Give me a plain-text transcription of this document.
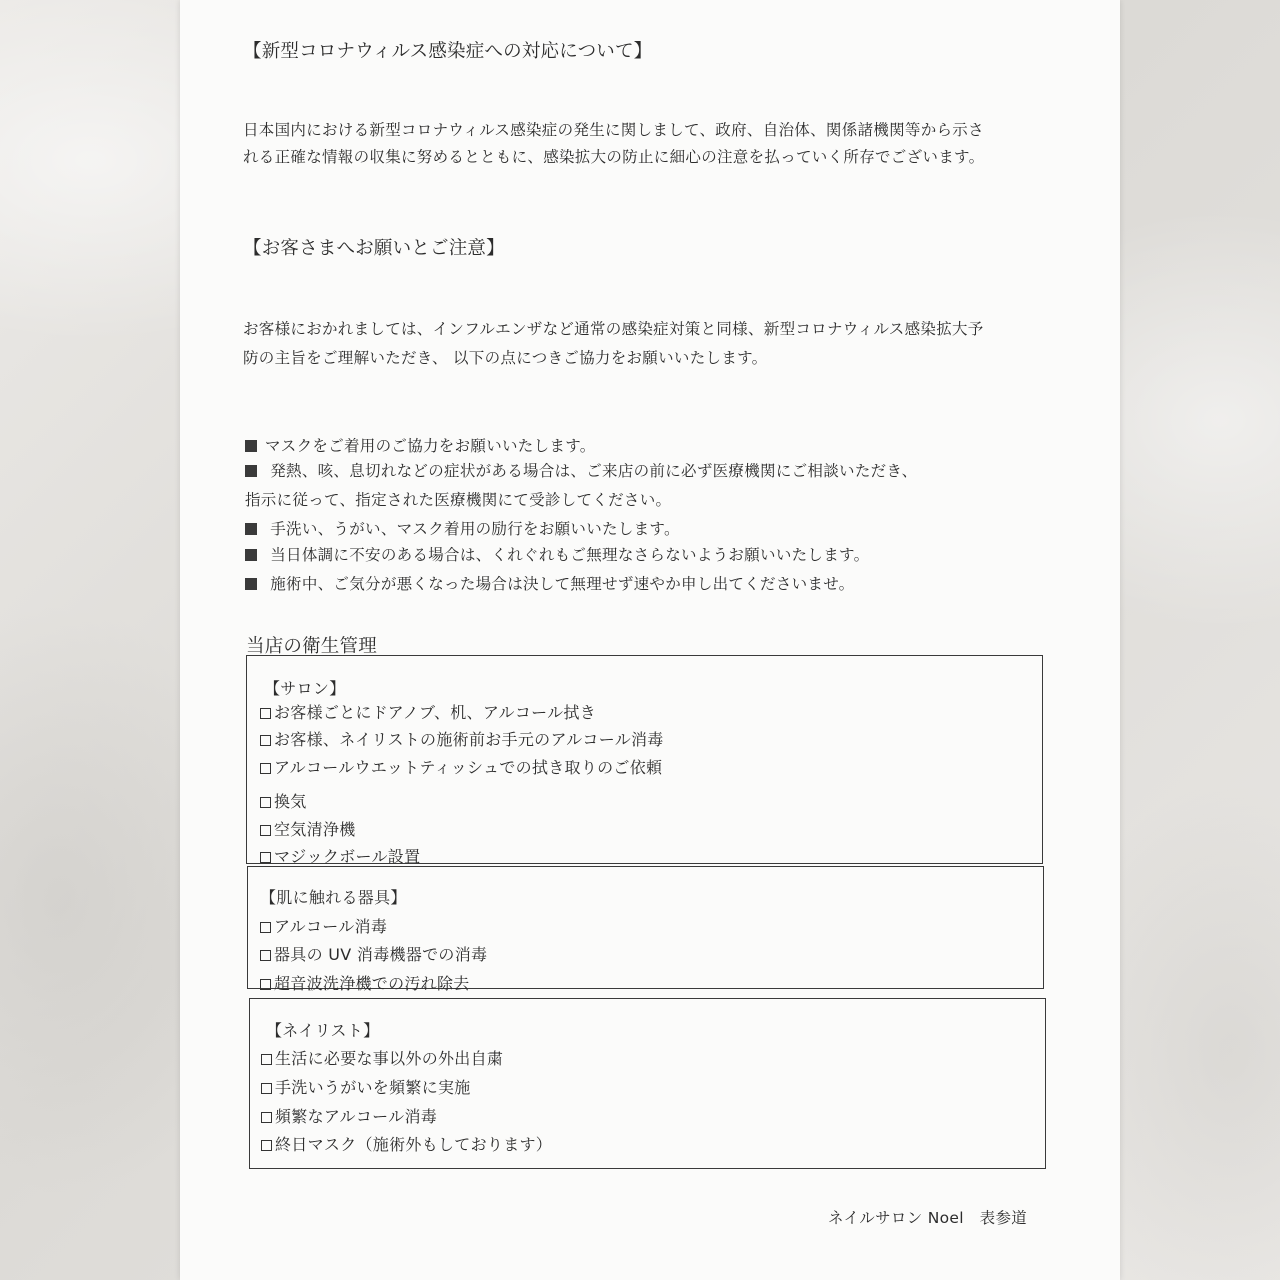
【新型コロナウィルス感染症への対応について】

日本国内における新型コロナウィルス感染症の発生に関しまして、政府、自治体、関係諸機関等から示さ

れる正確な情報の収集に努めるとともに、感染拡大の防止に細心の注意を払っていく所存でございます。

【お客さまへお願いとご注意】

お客様におかれましては、インフルエンザなど通常の感染症対策と同様、新型コロナウィルス感染拡大予

防の主旨をご理解いただき、 以下の点につきご協力をお願いいたします。

マスクをご着用のご協力をお願いいたします。
発熱、咳、息切れなどの症状がある場合は、ご来店の前に必ず医療機関にご相談いただき、
指示に従って、指定された医療機関にて受診してください。
手洗い、うがい、マスク着用の励行をお願いいたします。
当日体調に不安のある場合は、くれぐれもご無理なさらないようお願いいたします。
施術中、ご気分が悪くなった場合は決して無理せず速やか申し出てくださいませ。

当店の衛生管理

【サロン】
お客様ごとにドアノブ、机、アルコール拭き
お客様、ネイリストの施術前お手元のアルコール消毒
アルコールウエットティッシュでの拭き取りのご依頼
換気
空気清浄機
マジックボール設置
【肌に触れる器具】
アルコール消毒
器具の UV 消毒機器での消毒
超音波洗浄機での汚れ除去
【ネイリスト】
生活に必要な事以外の外出自粛
手洗いうがいを頻繁に実施
頻繁なアルコール消毒
終日マスク（施術外もしております）

ネイルサロン Noel　表参道
